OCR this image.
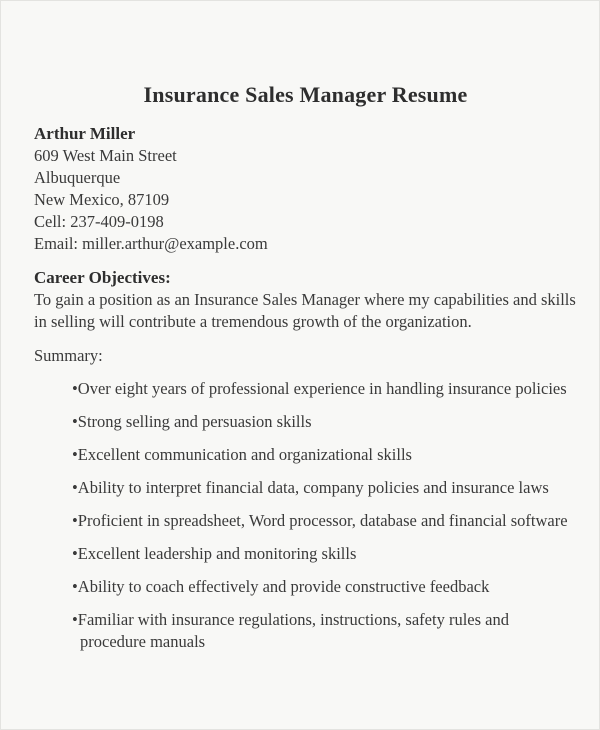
Insurance Sales Manager Resume
Arthur Miller
609 West Main Street
Albuquerque
New Mexico, 87109
Cell: 237-409-0198
Email: miller.arthur@example.com
Career Objectives:

To gain a position as an Insurance Sales Manager where my capabilities and skills in selling will contribute a tremendous growth of the organization.

Summary:

•Over eight years of professional experience in handling insurance policies
•Strong selling and persuasion skills
•Excellent communication and organizational skills
•Ability to interpret financial data, company policies and insurance laws
•Proficient in spreadsheet, Word processor, database and financial software
•Excellent leadership and monitoring skills
•Ability to coach effectively and provide constructive feedback
•Familiar with insurance regulations, instructions, safety rules and procedure manuals
